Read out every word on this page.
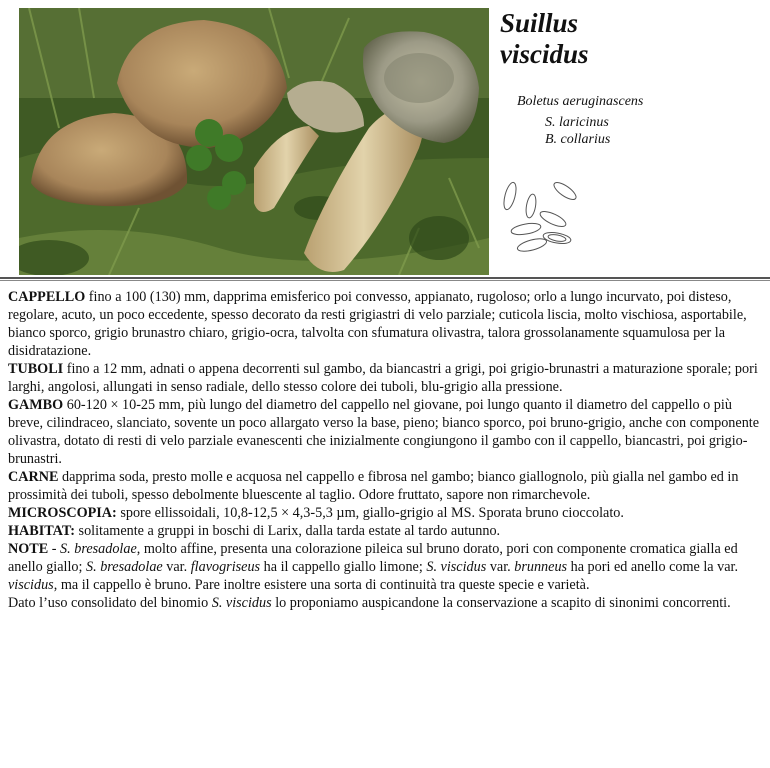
Suillus
viscidus

Boletus aeruginascens

S. laricinus

B. collarius

CAPPELLO fino a 100 (130) mm, dapprima emisferico poi convesso, appianato, rugoloso; orlo a lungo incurvato, poi disteso, regolare, acuto, un poco eccedente, spesso decorato da resti grigiastri di velo parziale; cuticola liscia, molto vischiosa, asportabile, bianco sporco, grigio brunastro chiaro, grigio-ocra, talvolta con sfumatura olivastra, talora grossolanamente squamulosa per la disidratazione.

TUBOLI fino a 12 mm, adnati o appena decorrenti sul gambo, da biancastri a grigi, poi grigio-brunastri a maturazione sporale; pori larghi, angolosi, allungati in senso radiale, dello stesso colore dei tuboli, blu-grigio alla pressione.

GAMBO 60-120 × 10-25 mm, più lungo del diametro del cappello nel giovane, poi lungo quanto il diametro del cappello o più breve, cilindraceo, slanciato, sovente un poco allargato verso la base, pieno; bianco sporco, poi bruno-grigio, anche con componente olivastra, dotato di resti di velo parziale evanescenti che inizialmente congiungono il gambo con il cappello, biancastri, poi grigio-brunastri.

CARNE dapprima soda, presto molle e acquosa nel cappello e fibrosa nel gambo; bianco giallognolo, più gialla nel gambo ed in prossimità dei tuboli, spesso debolmente bluescente al taglio. Odore fruttato, sapore non rimarchevole.

MICROSCOPIA: spore ellissoidali, 10,8-12,5 × 4,3-5,3 µm, giallo-grigio al MS. Sporata bruno cioccolato.

HABITAT: solitamente a gruppi in boschi di Larix, dalla tarda estate al tardo autunno.

NOTE - S. bresadolae, molto affine, presenta una colorazione pileica sul bruno dorato, pori con componente cromatica gialla ed anello giallo; S. bresadolae var. flavogriseus ha il cappello giallo limone; S. viscidus var. brunneus ha pori ed anello come la var. viscidus, ma il cappello è bruno. Pare inoltre esistere una sorta di continuità tra queste specie e varietà.

Dato l’uso consolidato del binomio S. viscidus lo proponiamo auspicandone la conservazione a scapito di sinonimi concorrenti.
